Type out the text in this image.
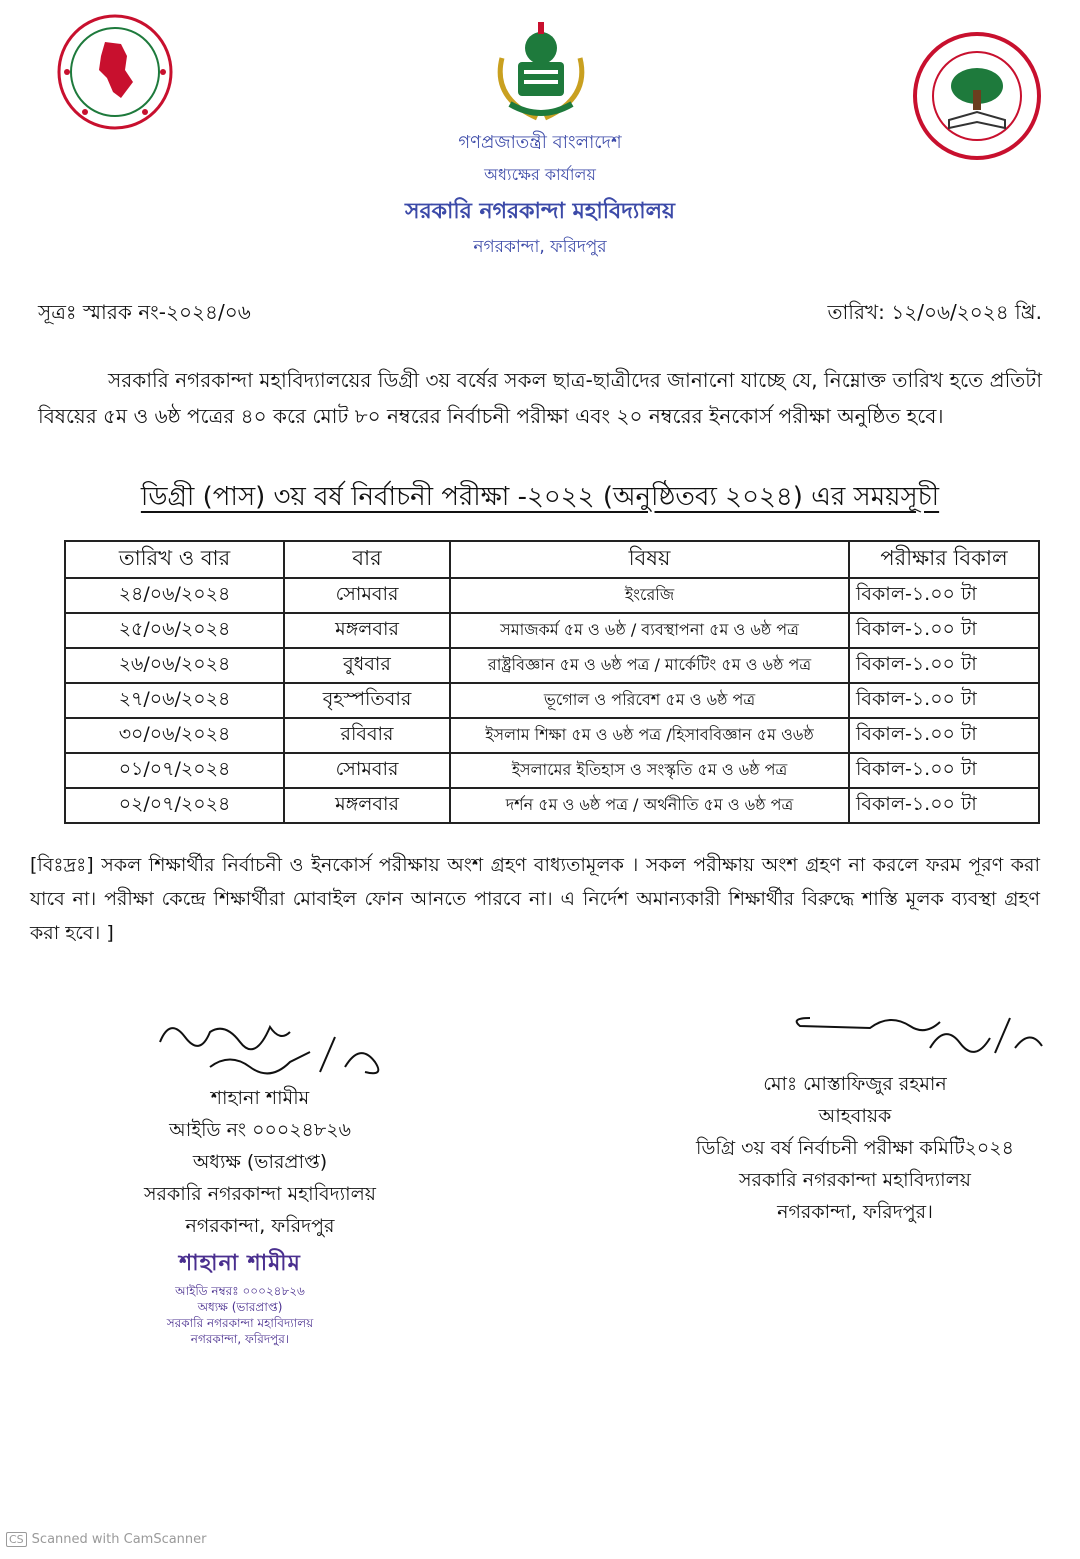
গণপ্রজাতন্ত্রী বাংলাদেশ
অধ্যক্ষের কার্যালয়
সরকারি নগরকান্দা মহাবিদ্যালয়
নগরকান্দা, ফরিদপুর
সূত্রঃ স্মারক নং-২০২৪/০৬	তারিখ: ১২/০৬/২০২৪ খ্রি.
সরকারি নগরকান্দা মহাবিদ্যালয়ের ডিগ্রী ৩য় বর্ষের সকল ছাত্র-ছাত্রীদের জানানো যাচ্ছে যে, নিম্নোক্ত তারিখ হতে প্রতিটা বিষয়ের ৫ম ও ৬ষ্ঠ পত্রের ৪০ করে মোট ৮০ নম্বরের নির্বাচনী পরীক্ষা এবং ২০ নম্বরের ইনকোর্স পরীক্ষা অনুষ্ঠিত হবে।
ডিগ্রী (পাস) ৩য় বর্ষ নির্বাচনী পরীক্ষা -২০২২ (অনুষ্ঠিতব্য ২০২৪) এর সময়সূচী
তারিখ ও বার	বার	বিষয়	পরীক্ষার বিকাল
২৪/০৬/২০২৪	সোমবার	ইংরেজি	বিকাল-১.০০ টা
২৫/০৬/২০২৪	মঙ্গলবার	সমাজকর্ম ৫ম ও ৬ষ্ঠ / ব্যবস্থাপনা ৫ম ও ৬ষ্ঠ পত্র	বিকাল-১.০০ টা
২৬/০৬/২০২৪	বুধবার	রাষ্ট্রবিজ্ঞান ৫ম ও ৬ষ্ঠ পত্র / মার্কেটিং ৫ম ও ৬ষ্ঠ পত্র	বিকাল-১.০০ টা
২৭/০৬/২০২৪	বৃহস্পতিবার	ভূগোল ও পরিবেশ ৫ম ও ৬ষ্ঠ পত্র	বিকাল-১.০০ টা
৩০/০৬/২০২৪	রবিবার	ইসলাম শিক্ষা ৫ম ও ৬ষ্ঠ পত্র /হিসাববিজ্ঞান ৫ম ও৬ষ্ঠ	বিকাল-১.০০ টা
০১/০৭/২০২৪	সোমবার	ইসলামের ইতিহাস ও সংস্কৃতি ৫ম ও ৬ষ্ঠ পত্র	বিকাল-১.০০ টা
০২/০৭/২০২৪	মঙ্গলবার	দর্শন ৫ম ও ৬ষ্ঠ পত্র / অর্থনীতি ৫ম ও ৬ষ্ঠ পত্র	বিকাল-১.০০ টা
[বিঃদ্রঃ] সকল শিক্ষার্থীর নির্বাচনী ও ইনকোর্স পরীক্ষায় অংশ গ্রহণ বাধ্যতামূলক । সকল পরীক্ষায় অংশ গ্রহণ না করলে ফরম পূরণ করা যাবে না। পরীক্ষা কেন্দ্রে শিক্ষার্থীরা মোবাইল ফোন আনতে পারবে না। এ নির্দেশ অমান্যকারী শিক্ষার্থীর বিরুদ্ধে শাস্তি মূলক ব্যবস্থা গ্রহণ করা হবে। ]
শাহানা শামীম
আইডি নং ০০০২৪৮২৬
অধ্যক্ষ (ভারপ্রাপ্ত)
সরকারি নগরকান্দা মহাবিদ্যালয়
নগরকান্দা, ফরিদপুর
মোঃ মোস্তাফিজুর রহমান
আহবায়ক
ডিগ্রি ৩য় বর্ষ নির্বাচনী পরীক্ষা কমিটি২০২৪
সরকারি নগরকান্দা মহাবিদ্যালয়
নগরকান্দা, ফরিদপুর।
শাহানা শামীম
আইডি নম্বরঃ ০০০২৪৮২৬
অধ্যক্ষ (ভারপ্রাপ্ত)
সরকারি নগরকান্দা মহাবিদ্যালয়
নগরকান্দা, ফরিদপুর।
CS Scanned with CamScanner
